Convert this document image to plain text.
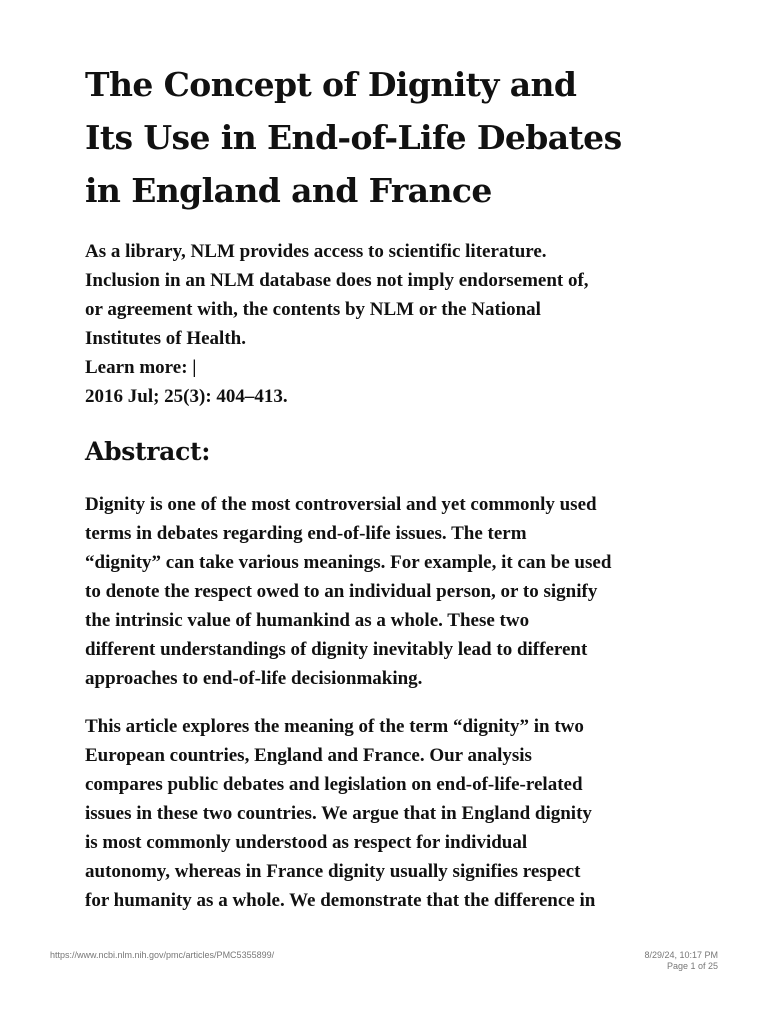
The Concept of Dignity and
Its Use in End-of-Life Debates
in England and France
As a library, NLM provides access to scientific literature.
Inclusion in an NLM database does not imply endorsement of,
or agreement with, the contents by NLM or the National
Institutes of Health.
Learn more: |
2016 Jul; 25(3): 404–413.
Abstract:
Dignity is one of the most controversial and yet commonly used
terms in debates regarding end-of-life issues. The term
“dignity” can take various meanings. For example, it can be used
to denote the respect owed to an individual person, or to signify
the intrinsic value of humankind as a whole. These two
different understandings of dignity inevitably lead to different
approaches to end-of-life decisionmaking.
This article explores the meaning of the term “dignity” in two
European countries, England and France. Our analysis
compares public debates and legislation on end-of-life-related
issues in these two countries. We argue that in England dignity
is most commonly understood as respect for individual
autonomy, whereas in France dignity usually signifies respect
for humanity as a whole. We demonstrate that the difference in
https://www.ncbi.nlm.nih.gov/pmc/articles/PMC5355899/	8/29/24, 10:17 PM
Page 1 of 25
